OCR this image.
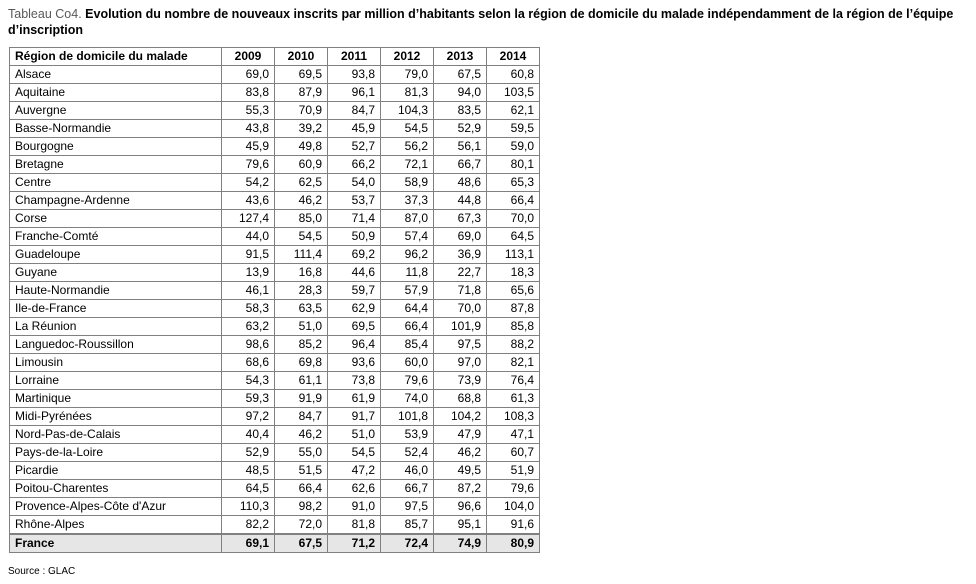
Tableau Co4. Evolution du nombre de nouveaux inscrits par million d’habitants selon la région de domicile du malade indépendamment de la région de l’équipe d’inscription
Région de domicile du malade	2009	2010	2011	2012	2013	2014
Alsace	69,0	69,5	93,8	79,0	67,5	60,8
Aquitaine	83,8	87,9	96,1	81,3	94,0	103,5
Auvergne	55,3	70,9	84,7	104,3	83,5	62,1
Basse-Normandie	43,8	39,2	45,9	54,5	52,9	59,5
Bourgogne	45,9	49,8	52,7	56,2	56,1	59,0
Bretagne	79,6	60,9	66,2	72,1	66,7	80,1
Centre	54,2	62,5	54,0	58,9	48,6	65,3
Champagne-Ardenne	43,6	46,2	53,7	37,3	44,8	66,4
Corse	127,4	85,0	71,4	87,0	67,3	70,0
Franche-Comté	44,0	54,5	50,9	57,4	69,0	64,5
Guadeloupe	91,5	111,4	69,2	96,2	36,9	113,1
Guyane	13,9	16,8	44,6	11,8	22,7	18,3
Haute-Normandie	46,1	28,3	59,7	57,9	71,8	65,6
Ile-de-France	58,3	63,5	62,9	64,4	70,0	87,8
La Réunion	63,2	51,0	69,5	66,4	101,9	85,8
Languedoc-Roussillon	98,6	85,2	96,4	85,4	97,5	88,2
Limousin	68,6	69,8	93,6	60,0	97,0	82,1
Lorraine	54,3	61,1	73,8	79,6	73,9	76,4
Martinique	59,3	91,9	61,9	74,0	68,8	61,3
Midi-Pyrénées	97,2	84,7	91,7	101,8	104,2	108,3
Nord-Pas-de-Calais	40,4	46,2	51,0	53,9	47,9	47,1
Pays-de-la-Loire	52,9	55,0	54,5	52,4	46,2	60,7
Picardie	48,5	51,5	47,2	46,0	49,5	51,9
Poitou-Charentes	64,5	66,4	62,6	66,7	87,2	79,6
Provence-Alpes-Côte d'Azur	110,3	98,2	91,0	97,5	96,6	104,0
Rhône-Alpes	82,2	72,0	81,8	85,7	95,1	91,6
France	69,1	67,5	71,2	72,4	74,9	80,9
Source : GLAC
